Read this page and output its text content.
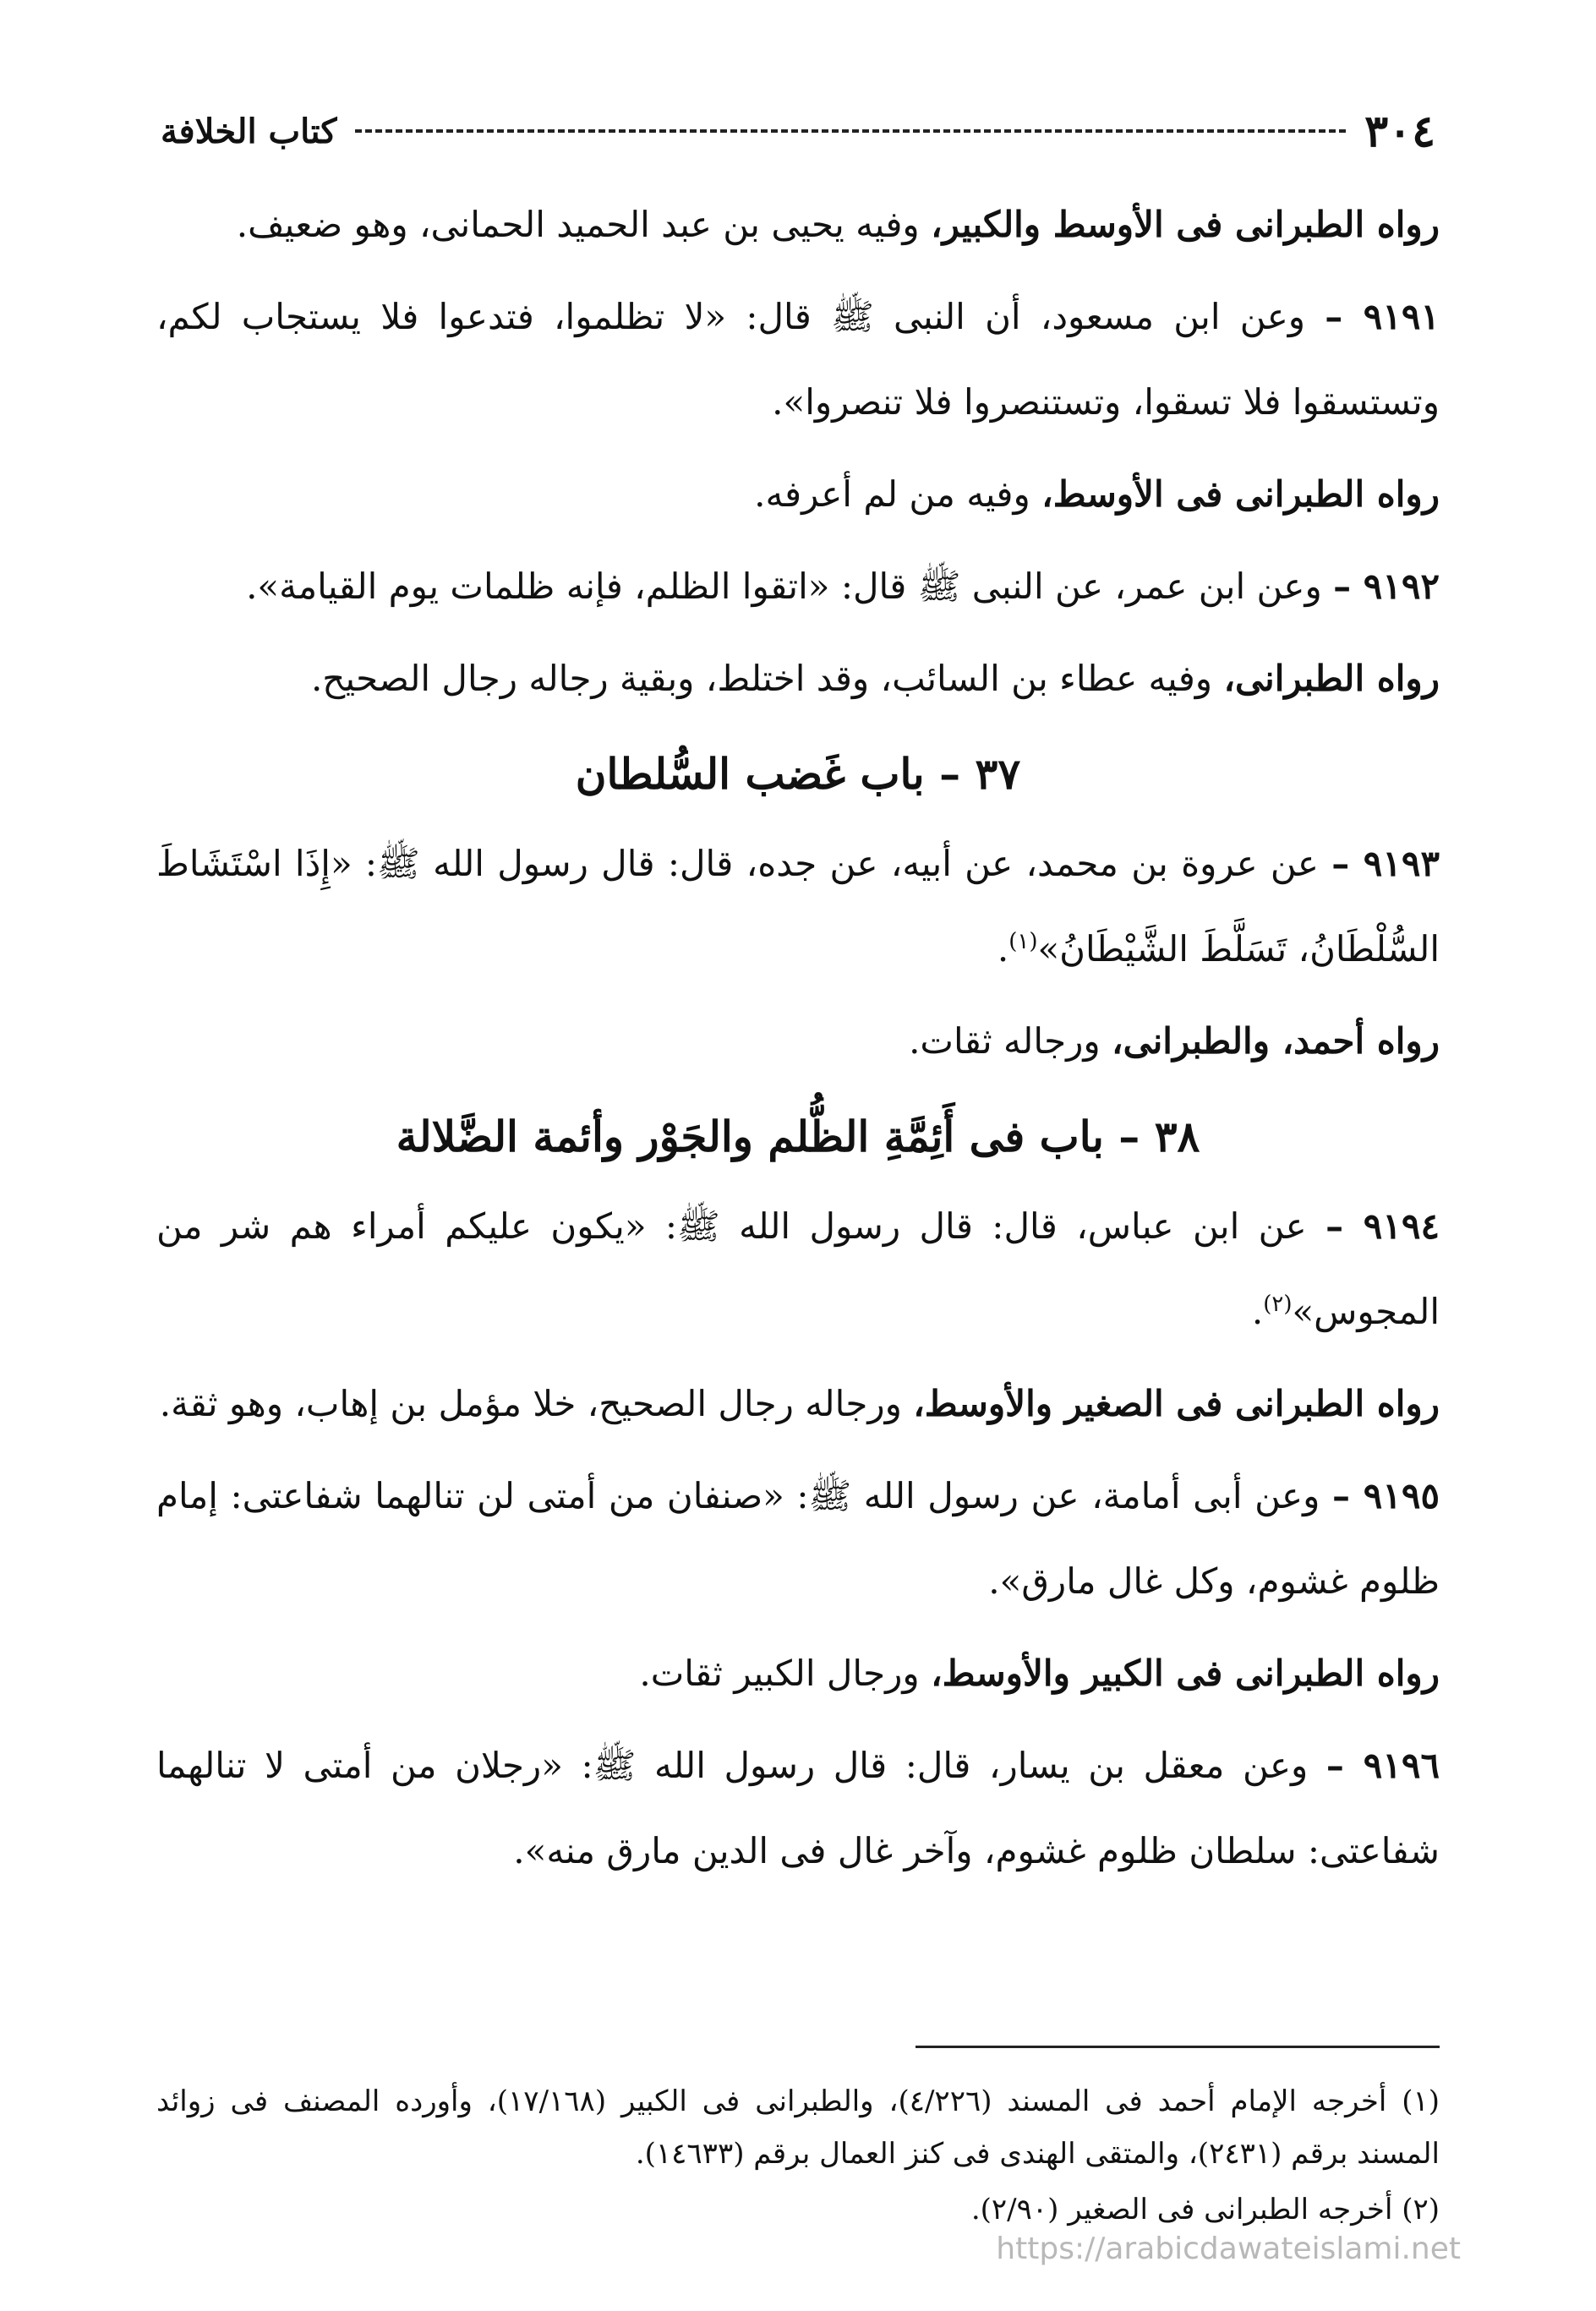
٣٠٤
كتاب الخلافة

رواه الطبرانى فى الأوسط والكبير، وفيه يحيى بن عبد الحميد الحمانى، وهو ضعيف.

٩١٩١ – وعن ابن مسعود، أن النبى ﷺ قال: «لا تظلموا، فتدعوا فلا يستجاب لكم، وتستسقوا فلا تسقوا، وتستنصروا فلا تنصروا».

رواه الطبرانى فى الأوسط، وفيه من لم أعرفه.

٩١٩٢ – وعن ابن عمر، عن النبى ﷺ قال: «اتقوا الظلم، فإنه ظلمات يوم القيامة».

رواه الطبرانى، وفيه عطاء بن السائب، وقد اختلط، وبقية رجاله رجال الصحيح.

٣٧ – باب غَضب السُّلطان

٩١٩٣ – عن عروة بن محمد، عن أبيه، عن جده، قال: قال رسول الله ﷺ: «إِذَا اسْتَشَاطَ السُّلْطَانُ، تَسَلَّطَ الشَّيْطَانُ»$^{(١)}$.

رواه أحمد، والطبرانى، ورجاله ثقات.

٣٨ – باب فى أَئِمَّةِ الظُّلم والجَوْر وأئمة الضَّلالة

٩١٩٤ – عن ابن عباس، قال: قال رسول الله ﷺ: «يكون عليكم أمراء هم شر من المجوس»$^{(٢)}$.

رواه الطبرانى فى الصغير والأوسط، ورجاله رجال الصحيح، خلا مؤمل بن إهاب، وهو ثقة.

٩١٩٥ – وعن أبى أمامة، عن رسول الله ﷺ: «صنفان من أمتى لن تنالهما شفاعتى: إمام ظلوم غشوم، وكل غال مارق».

رواه الطبرانى فى الكبير والأوسط، ورجال الكبير ثقات.

٩١٩٦ – وعن معقل بن يسار، قال: قال رسول الله ﷺ: «رجلان من أمتى لا تنالهما شفاعتى: سلطان ظلوم غشوم، وآخر غال فى الدين مارق منه».

(١) أخرجه الإمام أحمد فى المسند (٤/٢٢٦)، والطبرانى فى الكبير (١٧/١٦٨)، وأورده المصنف فى زوائد المسند برقم (٢٤٣١)، والمتقى الهندى فى كنز العمال برقم (١٤٦٣٣).

(٢) أخرجه الطبرانى فى الصغير (٢/٩٠).

https://arabicdawateislami.net
